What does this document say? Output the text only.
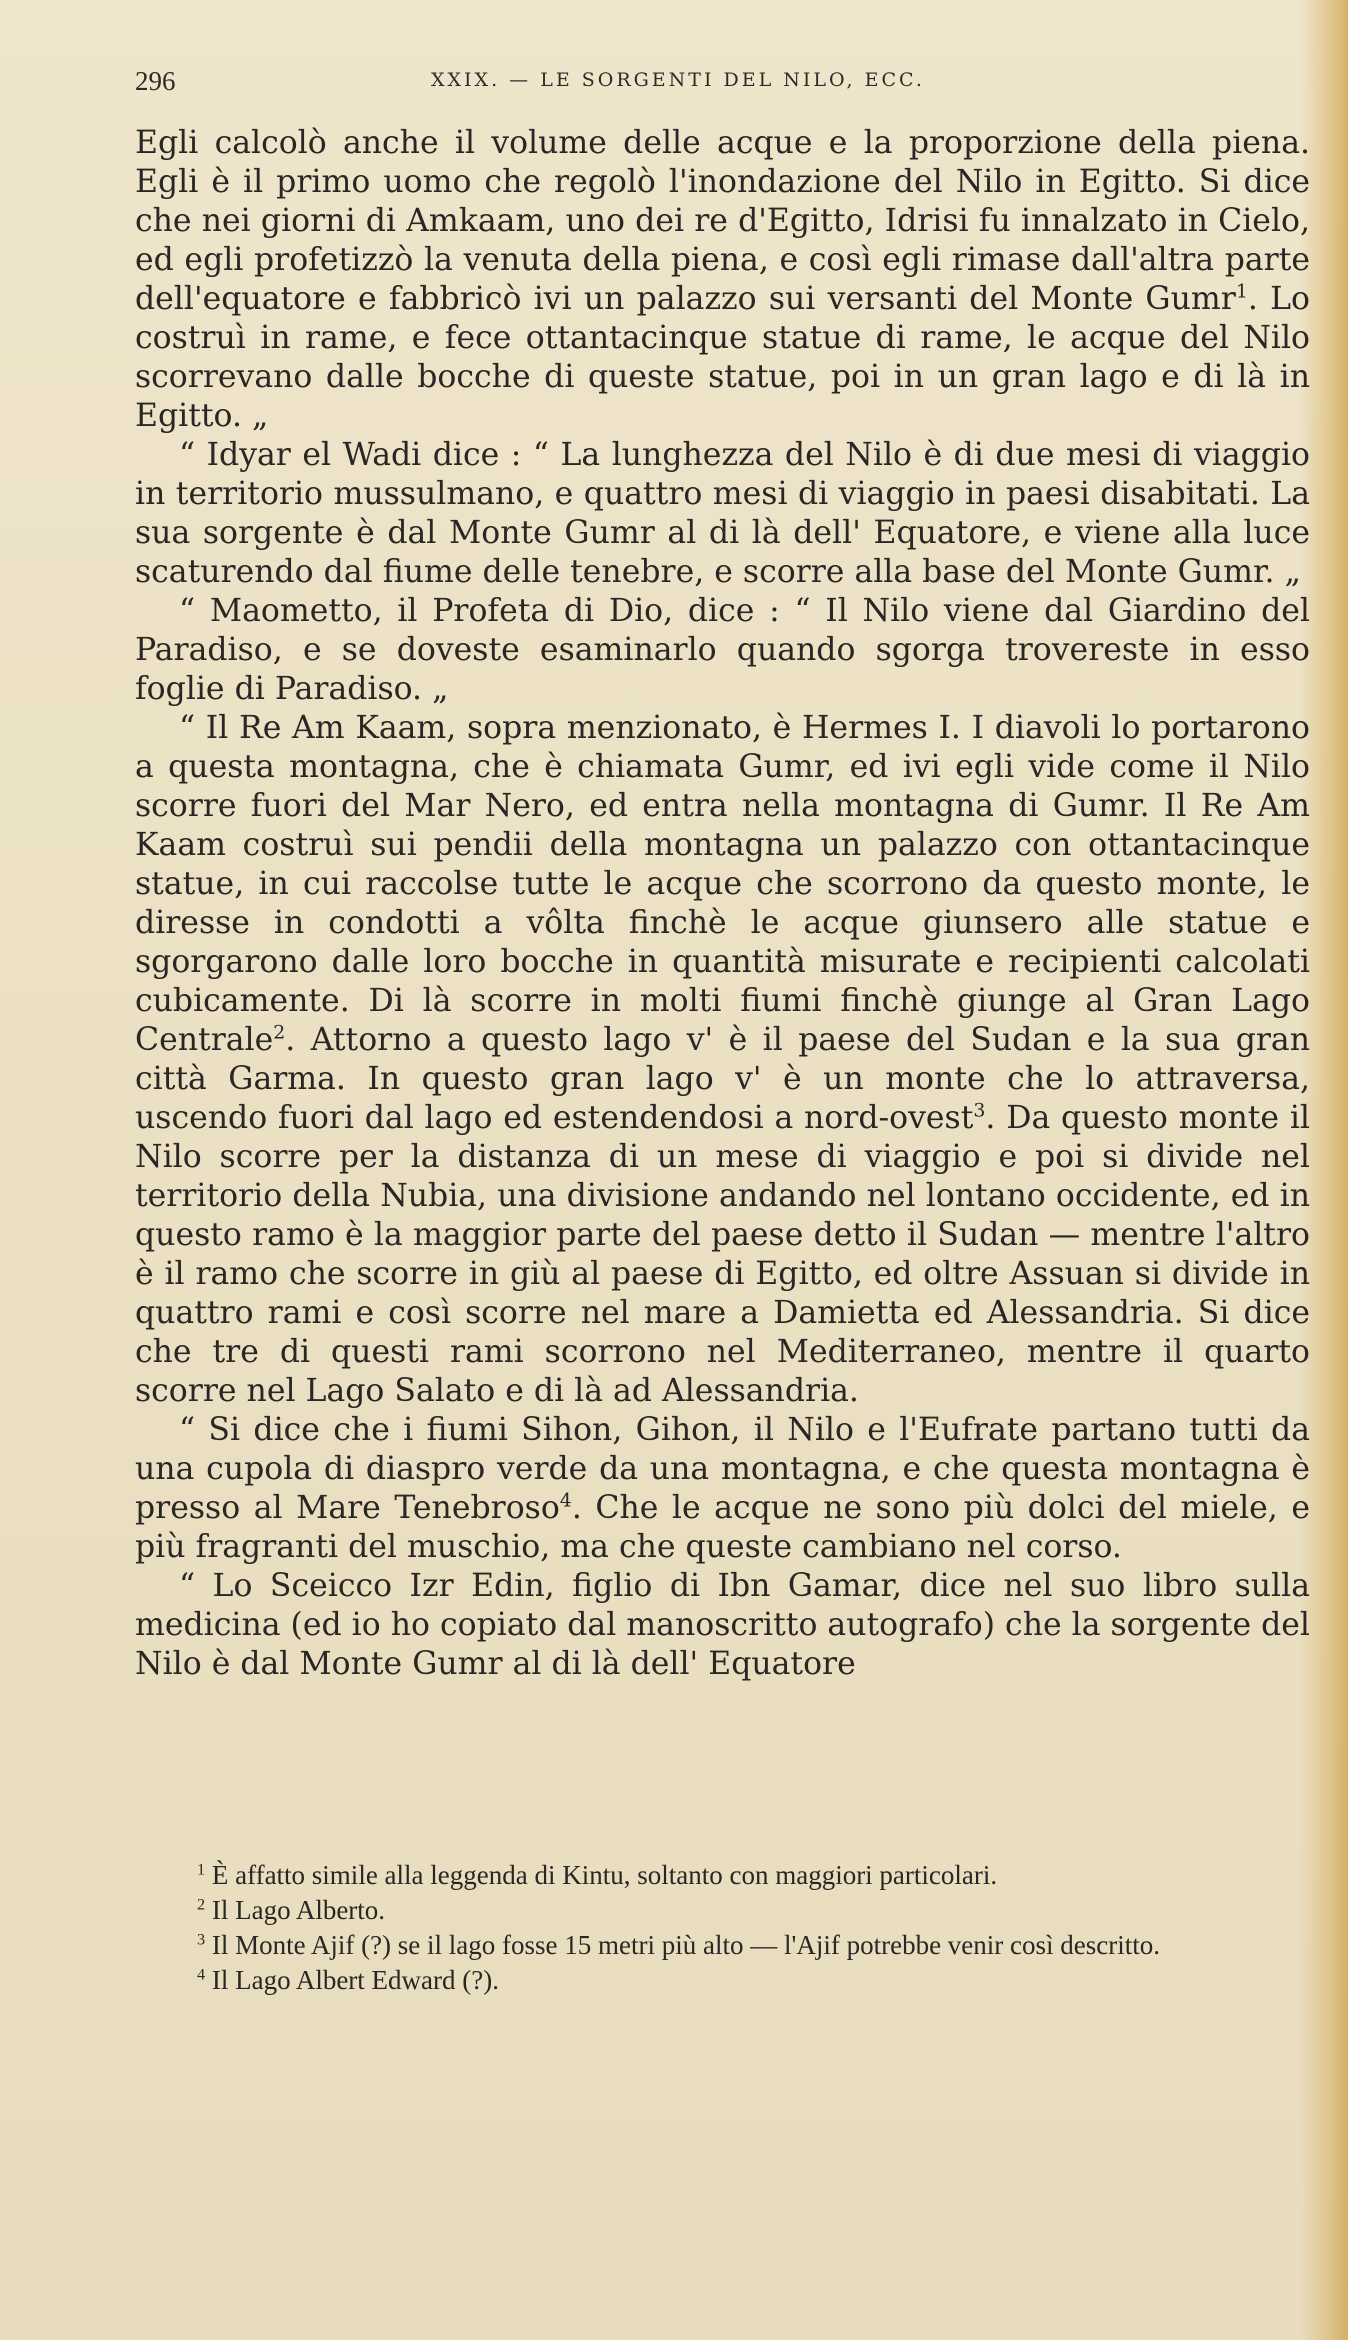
296	XXIX. — LE SORGENTI DEL NILO, ECC.

Egli calcolò anche il volume delle acque e la proporzione della piena. Egli è il primo uomo che regolò l'inondazione del Nilo in Egitto. Si dice che nei giorni di Amkaam, uno dei re d'Egitto, Idrisi fu innalzato in Cielo, ed egli profetizzò la venuta della piena, e così egli rimase dall'altra parte dell'equatore e fabbricò ivi un palazzo sui versanti del Monte Gumr$^1$. Lo costruì in rame, e fece ottantacinque statue di rame, le acque del Nilo scorrevano dalle bocche di queste statue, poi in un gran lago e di là in Egitto. „

“ Idyar el Wadi dice : “ La lunghezza del Nilo è di due mesi di viaggio in territorio mussulmano, e quattro mesi di viaggio in paesi disabitati. La sua sorgente è dal Monte Gumr al di là dell' Equatore, e viene alla luce scaturendo dal fiume delle tenebre, e scorre alla base del Monte Gumr. „

“ Maometto, il Profeta di Dio, dice : “ Il Nilo viene dal Giardino del Paradiso, e se doveste esaminarlo quando sgorga trovereste in esso foglie di Paradiso. „

“ Il Re Am Kaam, sopra menzionato, è Hermes I. I diavoli lo portarono a questa montagna, che è chiamata Gumr, ed ivi egli vide come il Nilo scorre fuori del Mar Nero, ed entra nella montagna di Gumr. Il Re Am Kaam costruì sui pendii della montagna un palazzo con ottantacinque statue, in cui raccolse tutte le acque che scorrono da questo monte, le diresse in condotti a vôlta finchè le acque giunsero alle statue e sgorgarono dalle loro bocche in quantità misurate e recipienti calcolati cubicamente. Di là scorre in molti fiumi finchè giunge al Gran Lago Centrale$^2$. Attorno a questo lago v' è il paese del Sudan e la sua gran città Garma. In questo gran lago v' è un monte che lo attraversa, uscendo fuori dal lago ed estendendosi a nord-ovest$^3$. Da questo monte il Nilo scorre per la distanza di un mese di viaggio e poi si divide nel territorio della Nubia, una divisione andando nel lontano occidente, ed in questo ramo è la maggior parte del paese detto il Sudan — mentre l'altro è il ramo che scorre in giù al paese di Egitto, ed oltre Assuan si divide in quattro rami e così scorre nel mare a Damietta ed Alessandria. Si dice che tre di questi rami scorrono nel Mediterraneo, mentre il quarto scorre nel Lago Salato e di là ad Alessandria.

“ Si dice che i fiumi Sihon, Gihon, il Nilo e l'Eufrate partano tutti da una cupola di diaspro verde da una montagna, e che questa montagna è presso al Mare Tenebroso$^4$. Che le acque ne sono più dolci del miele, e più fragranti del muschio, ma che queste cambiano nel corso.

“ Lo Sceicco Izr Edin, figlio di Ibn Gamar, dice nel suo libro sulla medicina (ed io ho copiato dal manoscritto autografo) che la sorgente del Nilo è dal Monte Gumr al di là dell' Equatore

$^1$ È affatto simile alla leggenda di Kintu, soltanto con maggiori particolari.

$^2$ Il Lago Alberto.

$^3$ Il Monte Ajif (?) se il lago fosse 15 metri più alto — l'Ajif potrebbe venir così descritto.

$^4$ Il Lago Albert Edward (?).
